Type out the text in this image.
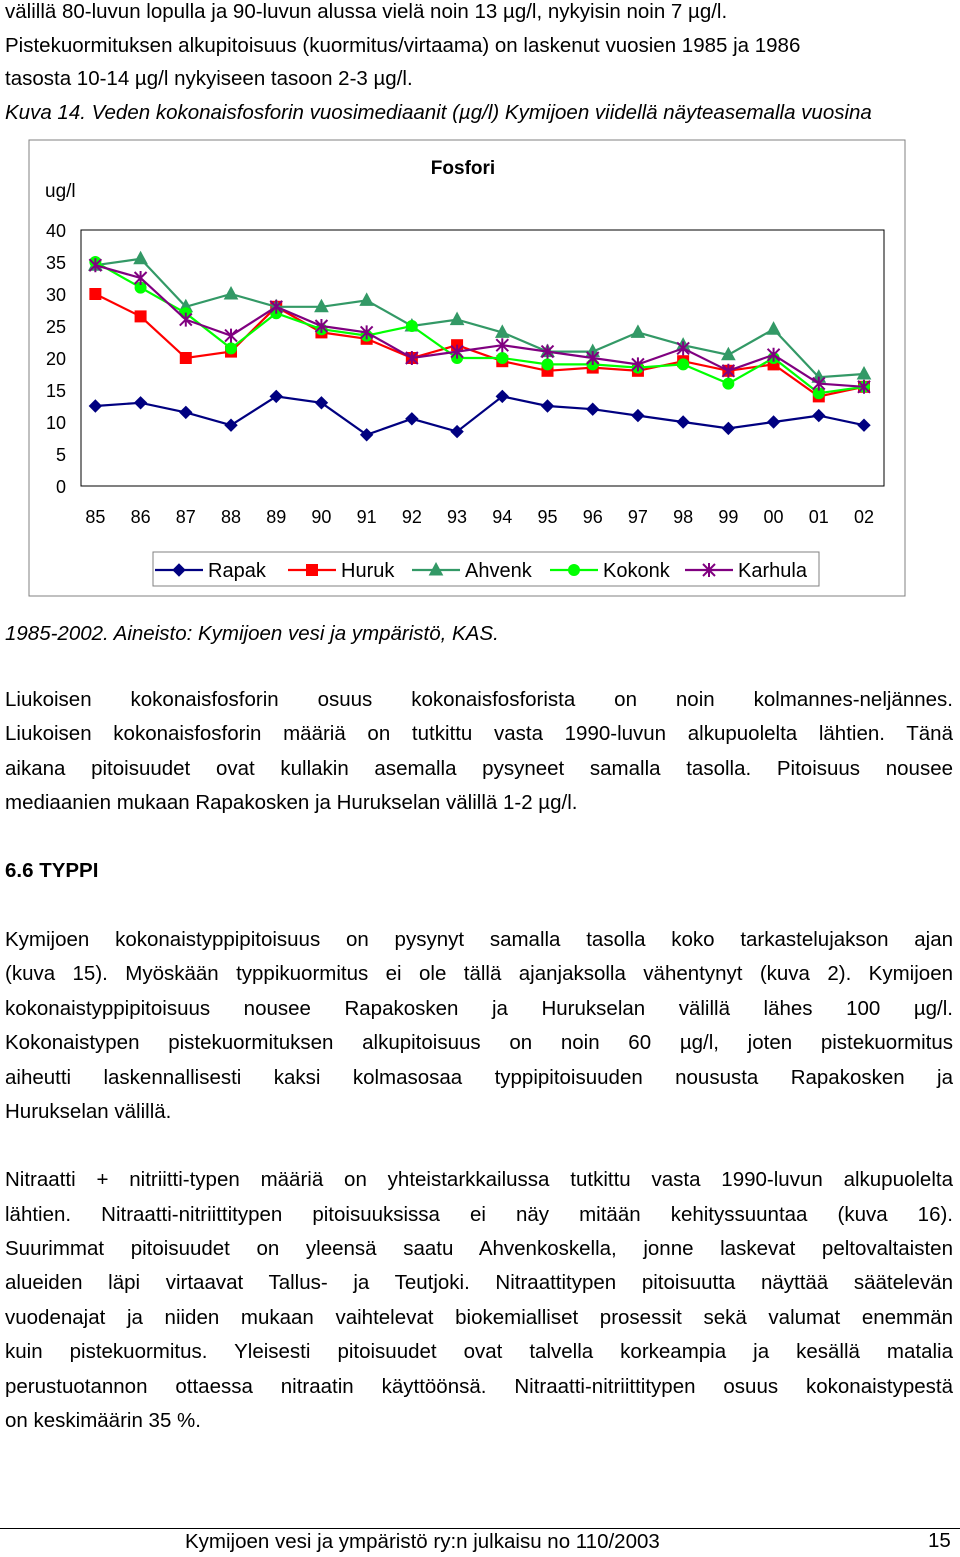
välillä 80-luvun lopulla ja 90-luvun alussa vielä noin 13 µg/l, nykyisin noin 7 µg/l.
Pistekuormituksen alkupitoisuus (kuormitus/virtaama) on laskenut vuosien 1985 ja 1986
tasosta 10-14 µg/l nykyiseen tasoon 2-3 µg/l.
Kuva 14. Veden kokonaisfosforin vuosimediaanit (µg/l) Kymijoen viidellä näyteasemalla vuosina
Fosfori
ug/l
0
5
10
15
20
25
30
35
40
85 86 87 88 89 90 91 92 93 94 95 96 97 98 99 00 01 02
Rapak	Huruk	Ahvenk	Kokonk	Karhula
1985-2002. Aineisto: Kymijoen vesi ja ympäristö, KAS.
Liukoisen kokonaisfosforin osuus kokonaisfosforista on noin kolmannes-neljännes.
Liukoisen kokonaisfosforin määriä on tutkittu vasta 1990-luvun alkupuolelta lähtien. Tänä
aikana pitoisuudet ovat kullakin asemalla pysyneet samalla tasolla. Pitoisuus nousee
mediaanien mukaan Rapakosken ja Hurukselan välillä 1-2 µg/l.
6.6 TYPPI
Kymijoen kokonaistyppipitoisuus on pysynyt samalla tasolla koko tarkastelujakson ajan
(kuva 15). Myöskään typpikuormitus ei ole tällä ajanjaksolla vähentynyt (kuva 2). Kymijoen
kokonaistyppipitoisuus nousee Rapakosken ja Hurukselan välillä lähes 100 µg/l.
Kokonaistypen pistekuormituksen alkupitoisuus on noin 60 µg/l, joten pistekuormitus
aiheutti laskennallisesti kaksi kolmasosaa typpipitoisuuden noususta Rapakosken ja
Hurukselan välillä.
Nitraatti + nitriitti-typen määriä on yhteistarkkailussa tutkittu vasta 1990-luvun alkupuolelta
lähtien. Nitraatti-nitriittitypen pitoisuuksissa ei näy mitään kehityssuuntaa (kuva 16).
Suurimmat pitoisuudet on yleensä saatu Ahvenkoskella, jonne laskevat peltovaltaisten
alueiden läpi virtaavat Tallus- ja Teutjoki. Nitraattitypen pitoisuutta näyttää säätelevän
vuodenajat ja niiden mukaan vaihtelevat biokemialliset prosessit sekä valumat enemmän
kuin pistekuormitus. Yleisesti pitoisuudet ovat talvella korkeampia ja kesällä matalia
perustuotannon ottaessa nitraatin käyttöönsä. Nitraatti-nitriittitypen osuus kokonaistypestä
on keskimäärin 35 %.
Kymijoen vesi ja ympäristö ry:n julkaisu no 110/2003	15
